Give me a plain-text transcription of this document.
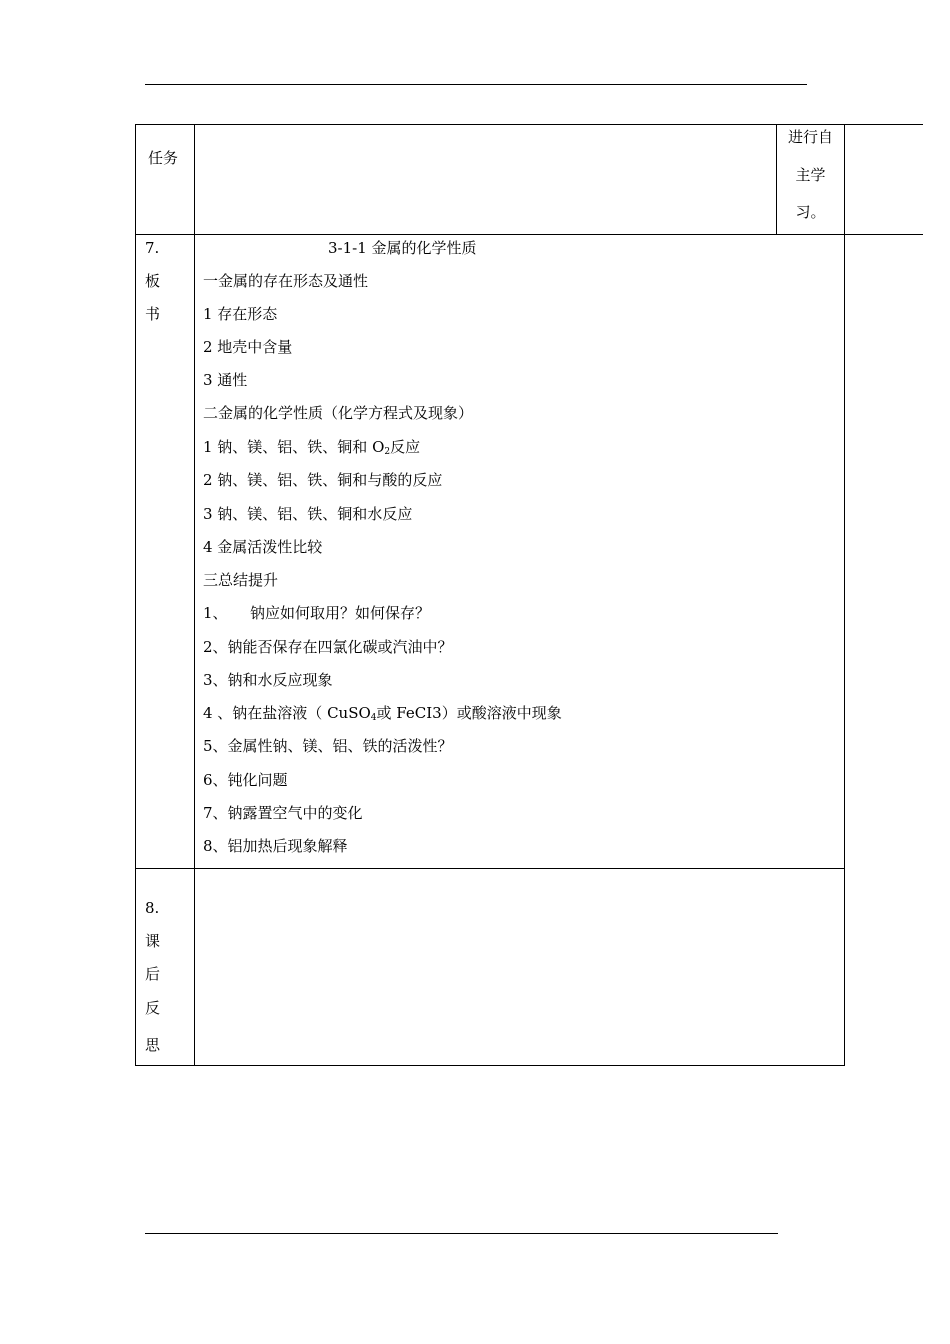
任务
进行自
主学
习。
7.
板
书
3-1-1 金属的化学性质
一金属的存在形态及通性
1 存在形态
2 地壳中含量
3 通性
二金属的化学性质（化学方程式及现象）
1 钠、镁、铝、铁、铜和 $O_2$反应
2 钠、镁、铝、铁、铜和与酸的反应
3 钠、镁、铝、铁、铜和水反应
4 金属活泼性比较
三总结提升
1、　　钠应如何取用？如何保存？
2、钠能否保存在四氯化碳或汽油中？
3、钠和水反应现象
4 、钠在盐溶液（ CuSO$_4$或 FeCI3）或酸溶液中现象
5、金属性钠、镁、铝、铁的活泼性？
6、钝化问题
7、钠露置空气中的变化
8、铝加热后现象解释
8.
课
后
反
思
